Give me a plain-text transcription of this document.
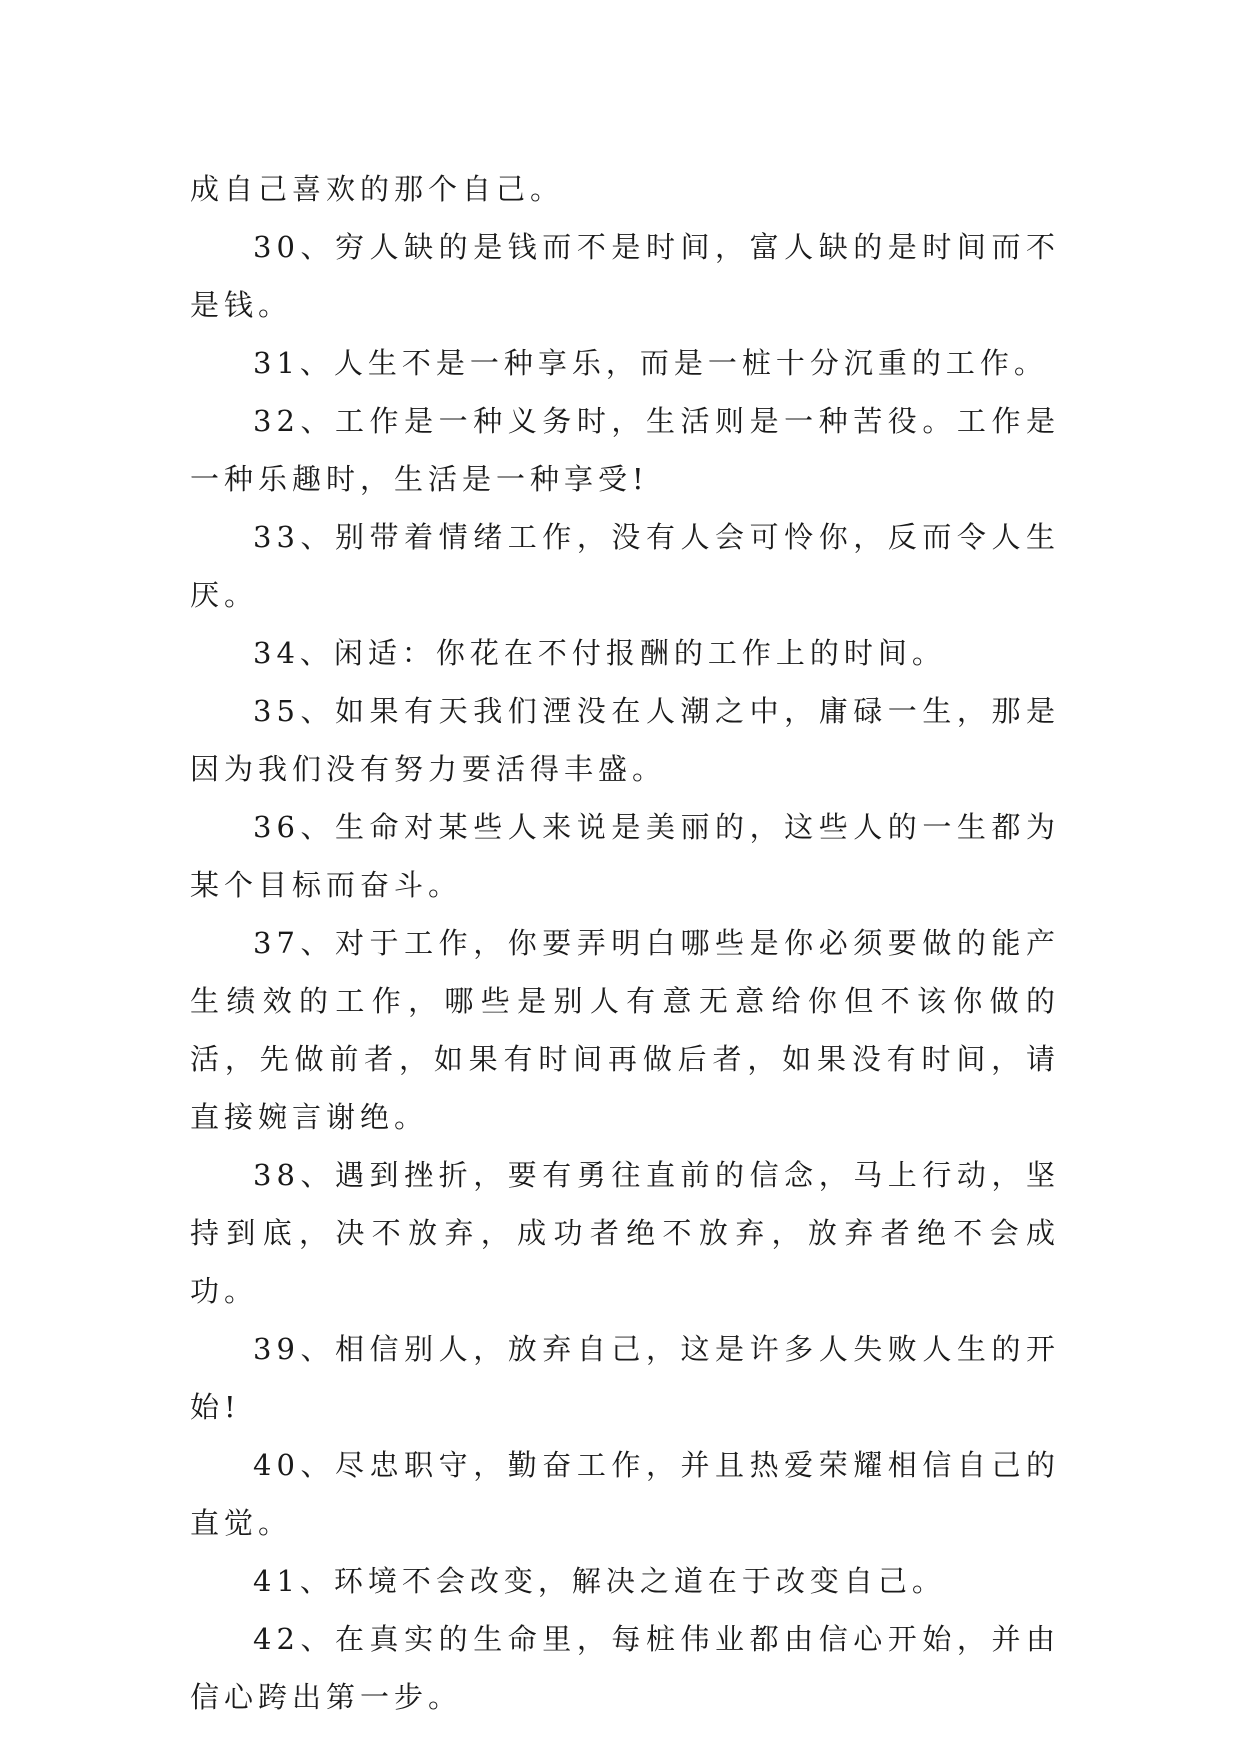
成自己喜欢的那个自己。

30、穷人缺的是钱而不是时间，富人缺的是时间而不是钱。

31、人生不是一种享乐，而是一桩十分沉重的工作。

32、工作是一种义务时，生活则是一种苦役。工作是一种乐趣时，生活是一种享受!

33、别带着情绪工作，没有人会可怜你，反而令人生厌。

34、闲适：你花在不付报酬的工作上的时间。

35、如果有天我们湮没在人潮之中，庸碌一生，那是因为我们没有努力要活得丰盛。

36、生命对某些人来说是美丽的，这些人的一生都为某个目标而奋斗。

37、对于工作，你要弄明白哪些是你必须要做的能产生绩效的工作，哪些是别人有意无意给你但不该你做的活，先做前者，如果有时间再做后者，如果没有时间，请直接婉言谢绝。

38、遇到挫折，要有勇往直前的信念，马上行动，坚持到底，决不放弃，成功者绝不放弃，放弃者绝不会成功。

39、相信别人，放弃自己，这是许多人失败人生的开始!

40、尽忠职守，勤奋工作，并且热爱荣耀相信自己的直觉。

41、环境不会改变，解决之道在于改变自己。

42、在真实的生命里，每桩伟业都由信心开始，并由信心跨出第一步。
